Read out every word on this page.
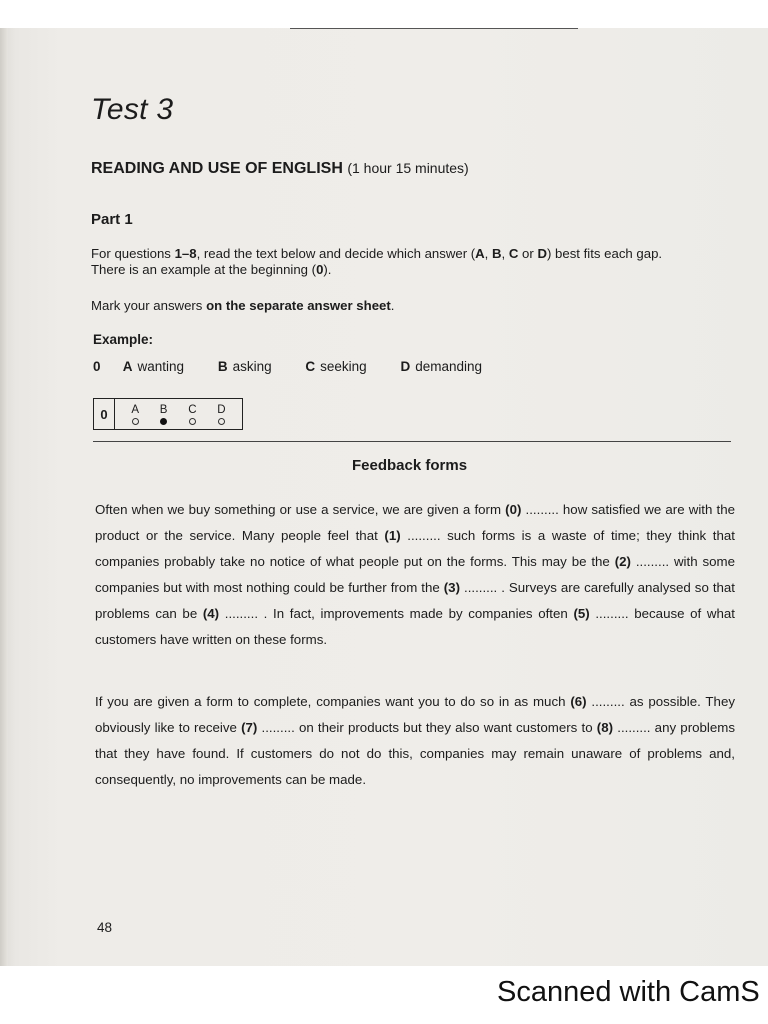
Test 3
READING AND USE OF ENGLISH (1 hour 15 minutes)
Part 1
For questions 1–8, read the text below and decide which answer (A, B, C or D) best fits each gap.
There is an example at the beginning (0).
Mark your answers on the separate answer sheet.
Example:
0 A wanting	B asking	C seeking	D demanding
0	A B C D
Feedback forms
Often when we buy something or use a service, we are given a form (0) ......... how satisfied we are with the product or the service. Many people feel that (1) ......... such forms is a waste of time; they think that companies probably take no notice of what people put on the forms. This may be the (2) ......... with some companies but with most nothing could be further from the (3) ......... . Surveys are carefully analysed so that problems can be (4) ......... . In fact, improvements made by companies often (5) ......... because of what customers have written on these forms.
If you are given a form to complete, companies want you to do so in as much (6) ......... as possible. They obviously like to receive (7) ......... on their products but they also want customers to (8) ......... any problems that they have found. If customers do not do this, companies may remain unaware of problems and, consequently, no improvements can be made.
48
Scanned with CamS
